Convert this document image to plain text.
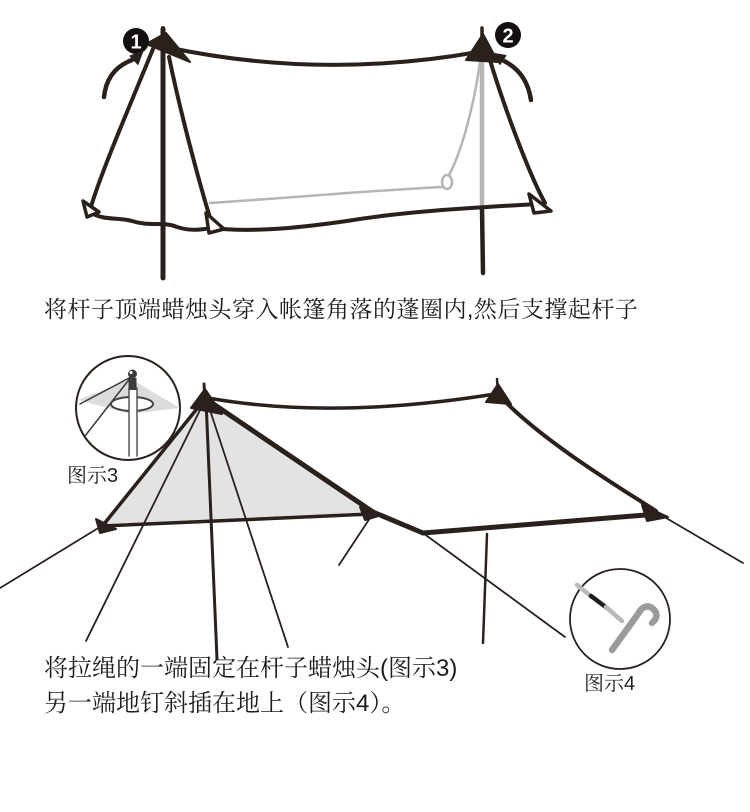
1	2
将杆子顶端蜡烛头穿入帐篷角落的蓬圈内,然后支撑起杆子
图示3
图示4
将拉绳的一端固定在杆子蜡烛头(图示3)
另一端地钉斜插在地上（图示4）。
